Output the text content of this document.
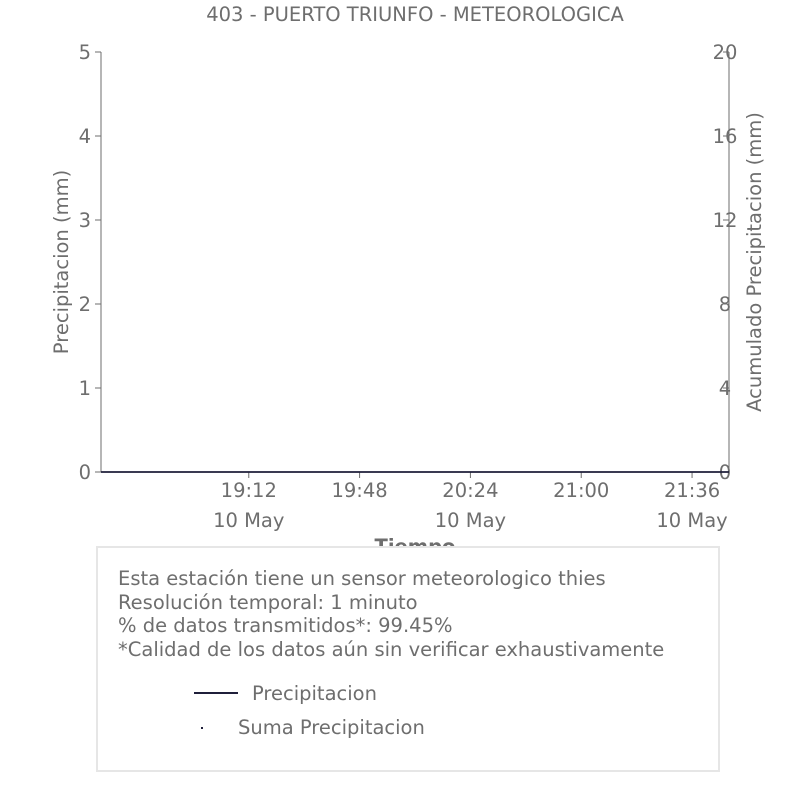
403 - PUERTO TRIUNFO - METEOROLOGICA
0
1
2
3
4
5
0
4
8
12
16
20
19:12
10 May
19:48	20:24
10 May
21:00	21:36
10 May
Precipitacion (mm)	Acumulado Precipitacion (mm)
Esta estación tiene un sensor meteorologico thies
Resolución temporal: 1 minuto
% de datos transmitidos*: 99.45%
*Calidad de los datos aún sin verificar exhaustivamente
Precipitacion
Suma Precipitacion
